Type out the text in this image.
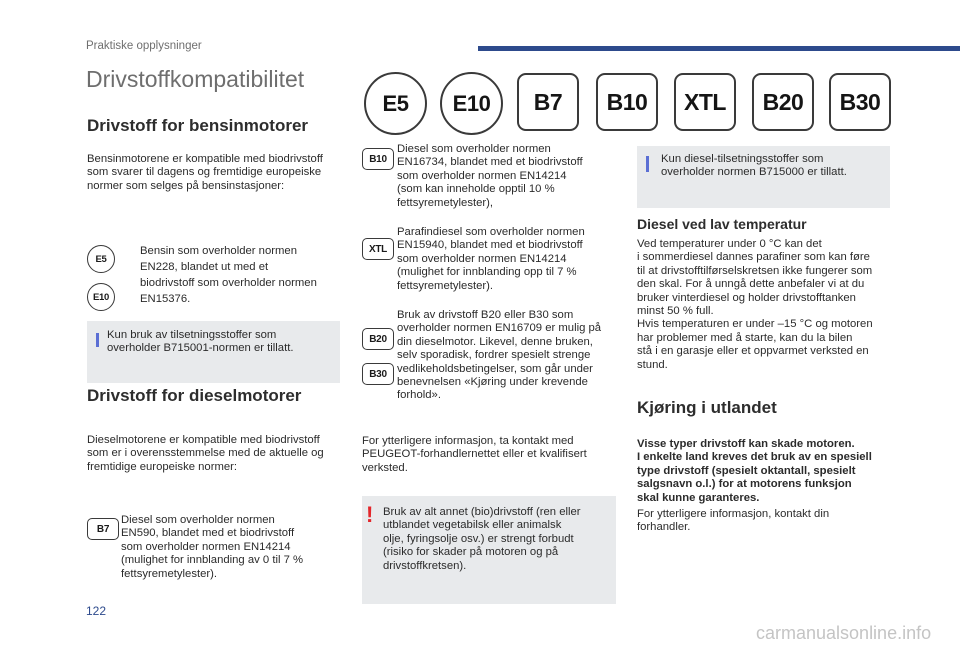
Praktiske opplysninger
Drivstoffkompatibilitet
E5	E10	B7	B10	XTL	B20	B30
Drivstoff for bensinmotorer
Bensinmotorene er kompatible med biodrivstoff
som svarer til dagens og fremtidige europeiske
normer som selges på bensinstasjoner:
E5
E10
Bensin som overholder normen
EN228, blandet ut med et
biodrivstoff som overholder normen
EN15376.
Kun bruk av tilsetningsstoffer som
overholder B715001-normen er tillatt.
Drivstoff for dieselmotorer
Dieselmotorene er kompatible med biodrivstoff
som er i overensstemmelse med de aktuelle og
fremtidige europeiske normer:
B7
Diesel som overholder normen
EN590, blandet med et biodrivstoff
som overholder normen EN14214
(mulighet for innblanding av 0 til 7 %
fettsyremetylester).
B10
Diesel som overholder normen
EN16734, blandet med et biodrivstoff
som overholder normen EN14214
(som kan inneholde opptil 10 %
fettsyremetylester),
XTL
Parafindiesel som overholder normen
EN15940, blandet med et biodrivstoff
som overholder normen EN14214
(mulighet for innblanding opp til 7 %
fettsyremetylester).
B20
B30
Bruk av drivstoff B20 eller B30 som
overholder normen EN16709 er mulig på
din dieselmotor. Likevel, denne bruken,
selv sporadisk, fordrer spesielt strenge
vedlikeholdsbetingelser, som går under
benevnelsen «Kjøring under krevende
forhold».
For ytterligere informasjon, ta kontakt med
PEUGEOT-forhandlernettet eller et kvalifisert
verksted.
! Bruk av alt annet (bio)drivstoff (ren eller
utblandet vegetabilsk eller animalsk
olje, fyringsolje osv.) er strengt forbudt
(risiko for skader på motoren og på
drivstoffkretsen).
Kun diesel-tilsetningsstoffer som
overholder normen B715000 er tillatt.
Diesel ved lav temperatur
Ved temperaturer under 0 °C kan det
i sommerdiesel dannes parafiner som kan føre
til at drivstofftilførselskretsen ikke fungerer som
den skal. For å unngå dette anbefaler vi at du
bruker vinterdiesel og holder drivstofftanken
minst 50 % full.
Hvis temperaturen er under –15 °C og motoren
har problemer med å starte, kan du la bilen
stå i en garasje eller et oppvarmet verksted en
stund.
Kjøring i utlandet
Visse typer drivstoff kan skade motoren.
I enkelte land kreves det bruk av en spesiell
type drivstoff (spesielt oktantall, spesielt
salgsnavn o.l.) for at motorens funksjon
skal kunne garanteres.
For ytterligere informasjon, kontakt din
forhandler.
122
carmanualsonline.info
